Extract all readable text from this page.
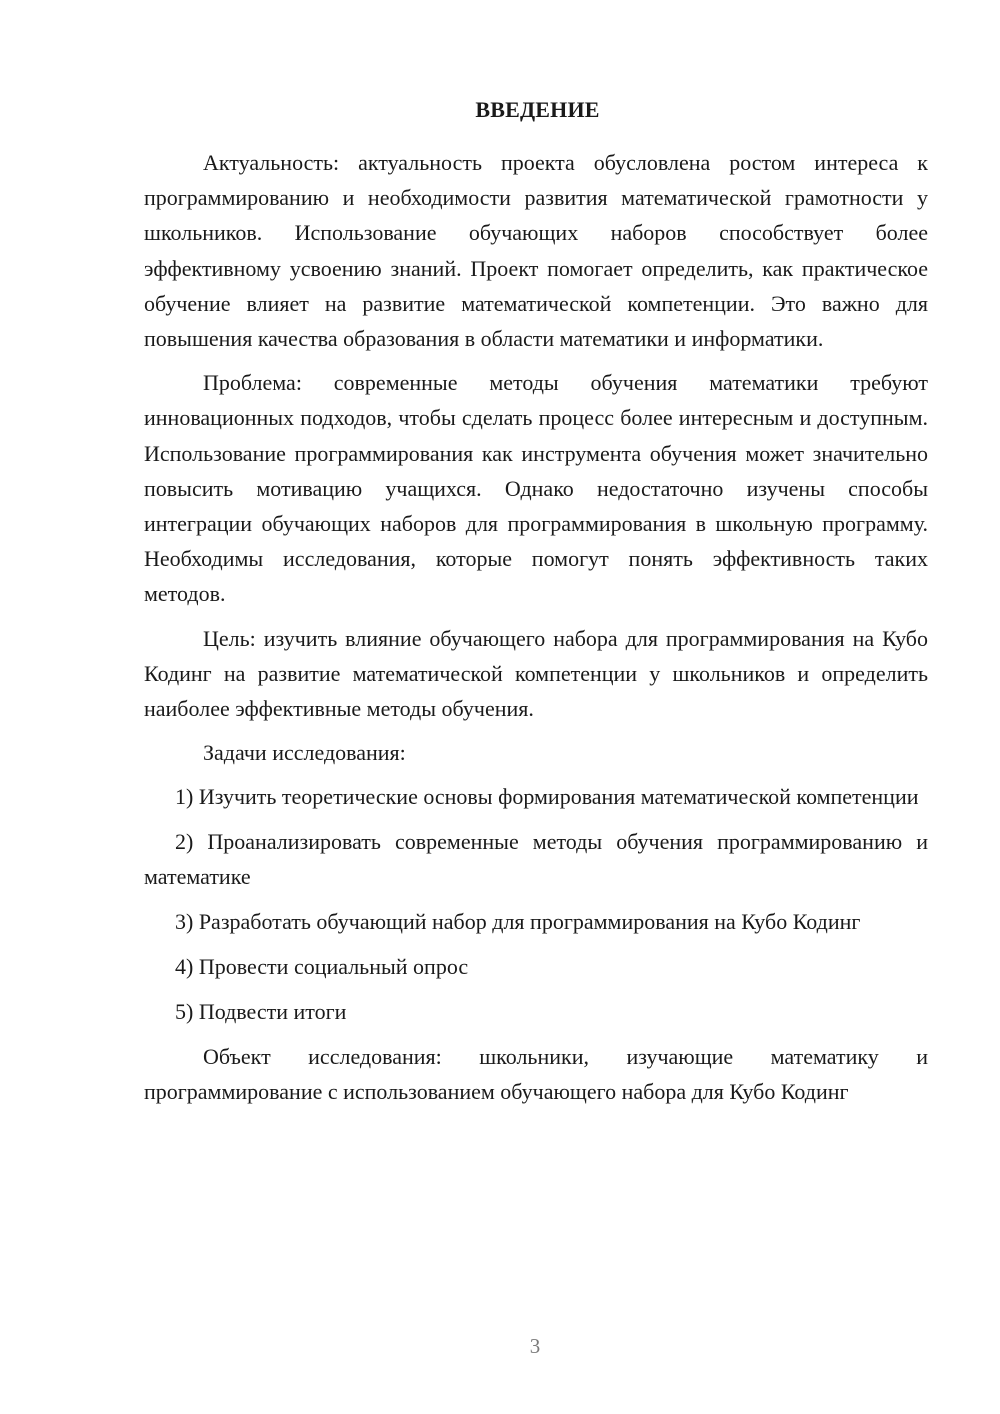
ВВЕДЕНИЕ

Актуальность: актуальность проекта обусловлена ростом интереса к программированию и необходимости развития математической грамотности у школьников. Использование обучающих наборов способствует более эффективному усвоению знаний. Проект помогает определить, как практическое обучение влияет на развитие математической компетенции. Это важно для повышения качества образования в области математики и информатики.

Проблема: современные методы обучения математики требуют инновационных подходов, чтобы сделать процесс более интересным и доступным. Использование программирования как инструмента обучения может значительно повысить мотивацию учащихся. Однако недостаточно изучены способы интеграции обучающих наборов для программирования в школьную программу. Необходимы исследования, которые помогут понять эффективность таких методов.

Цель: изучить влияние обучающего набора для программирования на Кубо Кодинг на развитие математической компетенции у школьников и определить наиболее эффективные методы обучения.

Задачи исследования:

1) Изучить теоретические основы формирования математической компетенции

2) Проанализировать современные методы обучения программированию и математике

3) Разработать обучающий набор для программирования на Кубо Кодинг

4) Провести социальный опрос

5) Подвести итоги

Объект исследования: школьники, изучающие математику и программирование с использованием обучающего набора для Кубо Кодинг

3
